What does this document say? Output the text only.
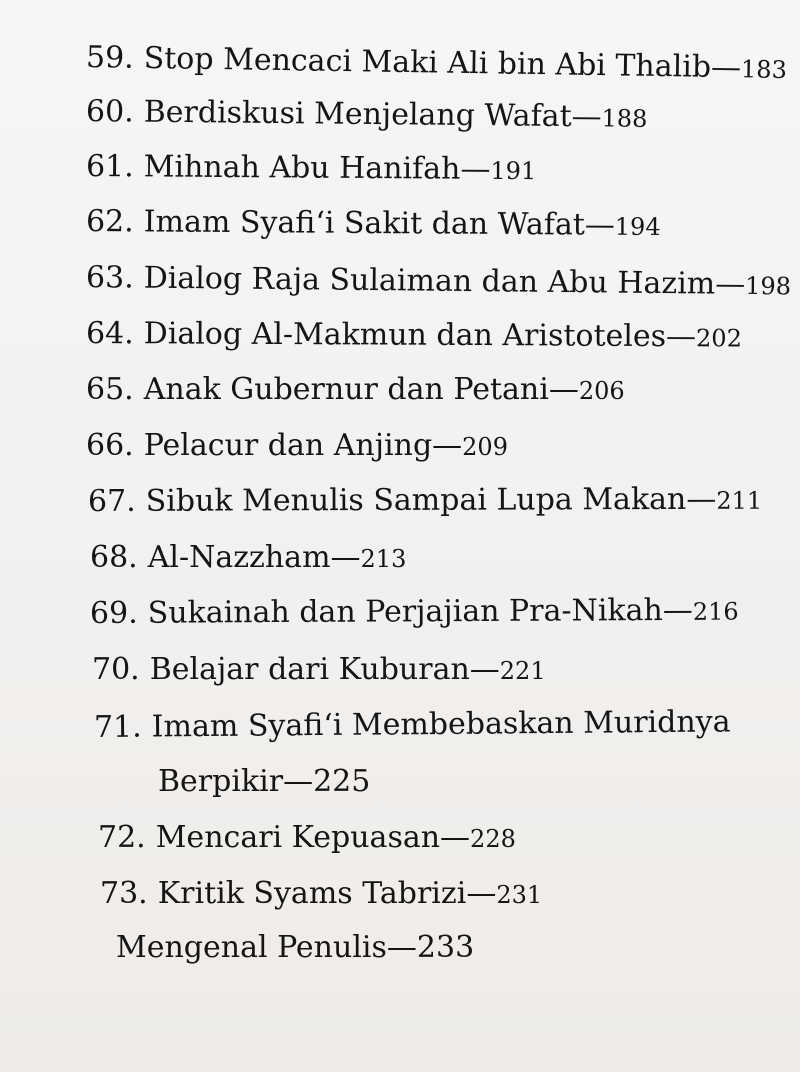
59. Stop Mencaci Maki Ali bin Abi Thalib—183
60. Berdiskusi Menjelang Wafat—188
61. Mihnah Abu Hanifah—191
62. Imam Syafi‘i Sakit dan Wafat—194
63. Dialog Raja Sulaiman dan Abu Hazim—198
64. Dialog Al-Makmun dan Aristoteles—202
65. Anak Gubernur dan Petani—206
66. Pelacur dan Anjing—209
67. Sibuk Menulis Sampai Lupa Makan—211
68. Al-Nazzham—213
69. Sukainah dan Perjajian Pra-Nikah—216
70. Belajar dari Kuburan—221
71. Imam Syafi‘i Membebaskan Muridnya
Berpikir—225
72. Mencari Kepuasan—228
73. Kritik Syams Tabrizi—231
Mengenal Penulis—233
